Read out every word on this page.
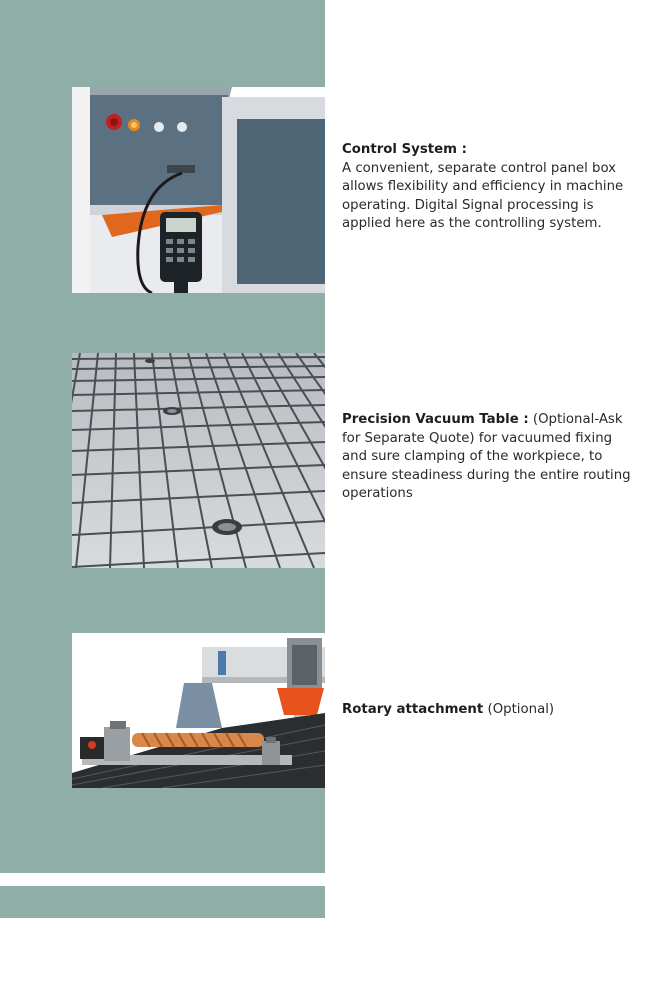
Control System :
A convenient, separate control panel box allows flexibility and efficiency in machine operating. Digital Signal processing is applied here as the controlling system.
Precision Vacuum Table : (Optional-Ask for Separate Quote) for vacuumed fixing and sure clamping of the workpiece, to ensure steadiness during the entire routing operations
Rotary attachment (Optional)
